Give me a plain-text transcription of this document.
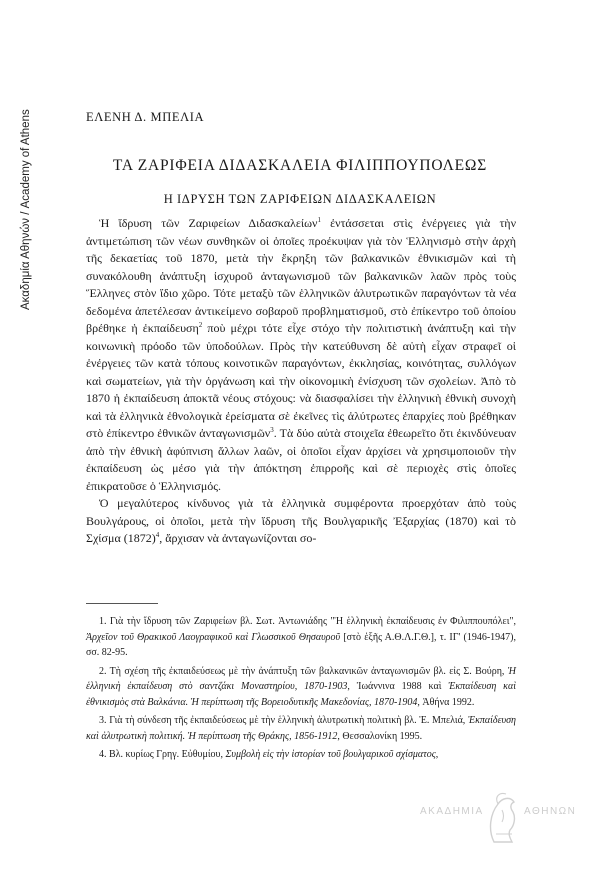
Ακαδημία Αθηνών / Academy of Athens	ΕΛΕΝΗ Δ. ΜΠΕΛΙΑ
ΤΑ ΖΑΡΙΦΕΙΑ ΔΙΔΑΣΚΑΛΕΙΑ ΦΙΛΙΠΠΟΥΠΟΛΕΩΣ
Η ΙΔΡΥΣΗ ΤΩΝ ΖΑΡΙΦΕΙΩΝ ΔΙΔΑΣΚΑΛΕΙΩΝ

Ἡ ἵδρυση τῶν Ζαριφείων Διδασκαλείων$^1$ ἐντάσσεται στὶς ἐνέργειες γιὰ τὴν ἀντιμετώπιση τῶν νέων συνθηκῶν οἱ ὁποῖες προέκυψαν γιὰ τὸν Ἑλληνισμὸ στὴν ἀρχὴ τῆς δεκαετίας τοῦ 1870, μετὰ τὴν ἔκρηξη τῶν βαλκανικῶν ἐθνικισμῶν καὶ τὴ συνακόλουθη ἀνάπτυξη ἰσχυροῦ ἀνταγωνισμοῦ τῶν βαλκανικῶν λαῶν πρὸς τοὺς Ἕλληνες στὸν ἴδιο χῶρο. Τότε μεταξὺ τῶν ἑλληνικῶν ἀλυτρωτικῶν παραγόντων τὰ νέα δεδομένα ἀπετέλεσαν ἀντικείμενο σοβαροῦ προβληματισμοῦ, στὸ ἐπίκεντρο τοῦ ὁποίου βρέθηκε ἡ ἐκπαίδευση$^2$ ποὺ μέχρι τότε εἶχε στόχο τὴν πολιτιστικὴ ἀνάπτυξη καὶ τὴν κοινωνικὴ πρόοδο τῶν ὑποδούλων. Πρὸς τὴν κατεύθυνση δὲ αὐτὴ εἶχαν στραφεῖ οἱ ἐνέργειες τῶν κατὰ τόπους κοινοτικῶν παραγόντων, ἐκκλησίας, κοινότητας, συλλόγων καὶ σωματείων, γιὰ τὴν ὀργάνωση καὶ τὴν οἰκονομικὴ ἐνίσχυση τῶν σχολείων. Ἀπὸ τὸ 1870 ἡ ἐκπαίδευση ἀποκτᾶ νέους στόχους: νὰ διασφαλίσει τὴν ἑλληνικὴ ἐθνικὴ συνοχὴ καὶ τὰ ἑλληνικὰ ἐθνολογικὰ ἐρείσματα σὲ ἐκεῖνες τὶς ἀλύτρωτες ἐπαρχίες ποὺ βρέθηκαν στὸ ἐπίκεντρο ἐθνικῶν ἀνταγωνισμῶν$^3$. Τὰ δύο αὐτὰ στοιχεῖα ἐθεωρεῖτο ὅτι ἐκινδύνευαν ἀπὸ τὴν ἐθνικὴ ἀφύπνιση ἄλλων λαῶν, οἱ ὁποῖοι εἶχαν ἀρχίσει νὰ χρησιμοποιοῦν τὴν ἐκπαίδευση ὡς μέσο γιὰ τὴν ἀπόκτηση ἐπιρροῆς καὶ σὲ περιοχὲς στὶς ὁποῖες ἐπικρατοῦσε ὁ Ἑλληνισμός.

Ὁ μεγαλύτερος κίνδυνος γιὰ τὰ ἑλληνικὰ συμφέροντα προερχόταν ἀπὸ τοὺς Βουλγάρους, οἱ ὁποῖοι, μετὰ τὴν ἵδρυση τῆς Βουλγαρικῆς Ἐξαρχίας (1870) καὶ τὸ Σχίσμα $(1872)^4$, ἄρχισαν νὰ ἀνταγωνίζονται σο-

1. Γιὰ τὴν ἵδρυση τῶν Ζαριφείων βλ. Σωτ. Ἀντωνιάδης "Ἡ ἑλληνικὴ ἐκπαίδευσις ἐν Φιλιππουπόλει", Ἀρχεῖον τοῦ Θρακικοῦ Λαογραφικοῦ καὶ Γλωσσικοῦ Θησαυροῦ [στὸ ἑξῆς Α.Θ.Λ.Γ.Θ.], τ. ΙΓ' (1946-1947), σσ. 82-95.

2. Τὴ σχέση τῆς ἐκπαιδεύσεως μὲ τὴν ἀνάπτυξη τῶν βαλκανικῶν ἀνταγωνισμῶν βλ. εἰς Σ. Βούρη, Ἡ ἑλληνικὴ ἐκπαίδευση στὸ σαντζάκι Μοναστηρίου, 1870-1903, Ἰωάννινα 1988 καὶ Ἐκπαίδευση καὶ ἐθνικισμὸς στὰ Βαλκάνια. Ἡ περίπτωση τῆς Βορειοδυτικῆς Μακεδονίας, 1870-1904, Ἀθήνα 1992.

3. Γιὰ τὴ σύνδεση τῆς ἐκπαιδεύσεως μὲ τὴν ἑλληνικὴ ἀλυτρωτικὴ πολιτικὴ βλ. Ἑ. Μπελιά, Ἐκπαίδευση καὶ ἀλυτρωτικὴ πολιτική. Ἡ περίπτωση τῆς Θράκης, 1856-1912, Θεσσαλονίκη 1995.

4. Βλ. κυρίως Γρηγ. Εὐθυμίου, Συμβολὴ εἰς τὴν ἱστορίαν τοῦ βουλγαρικοῦ σχίσματος,

ΑΚΑΔΗΜΙΑ	ΑΘΗΝΩΝ
